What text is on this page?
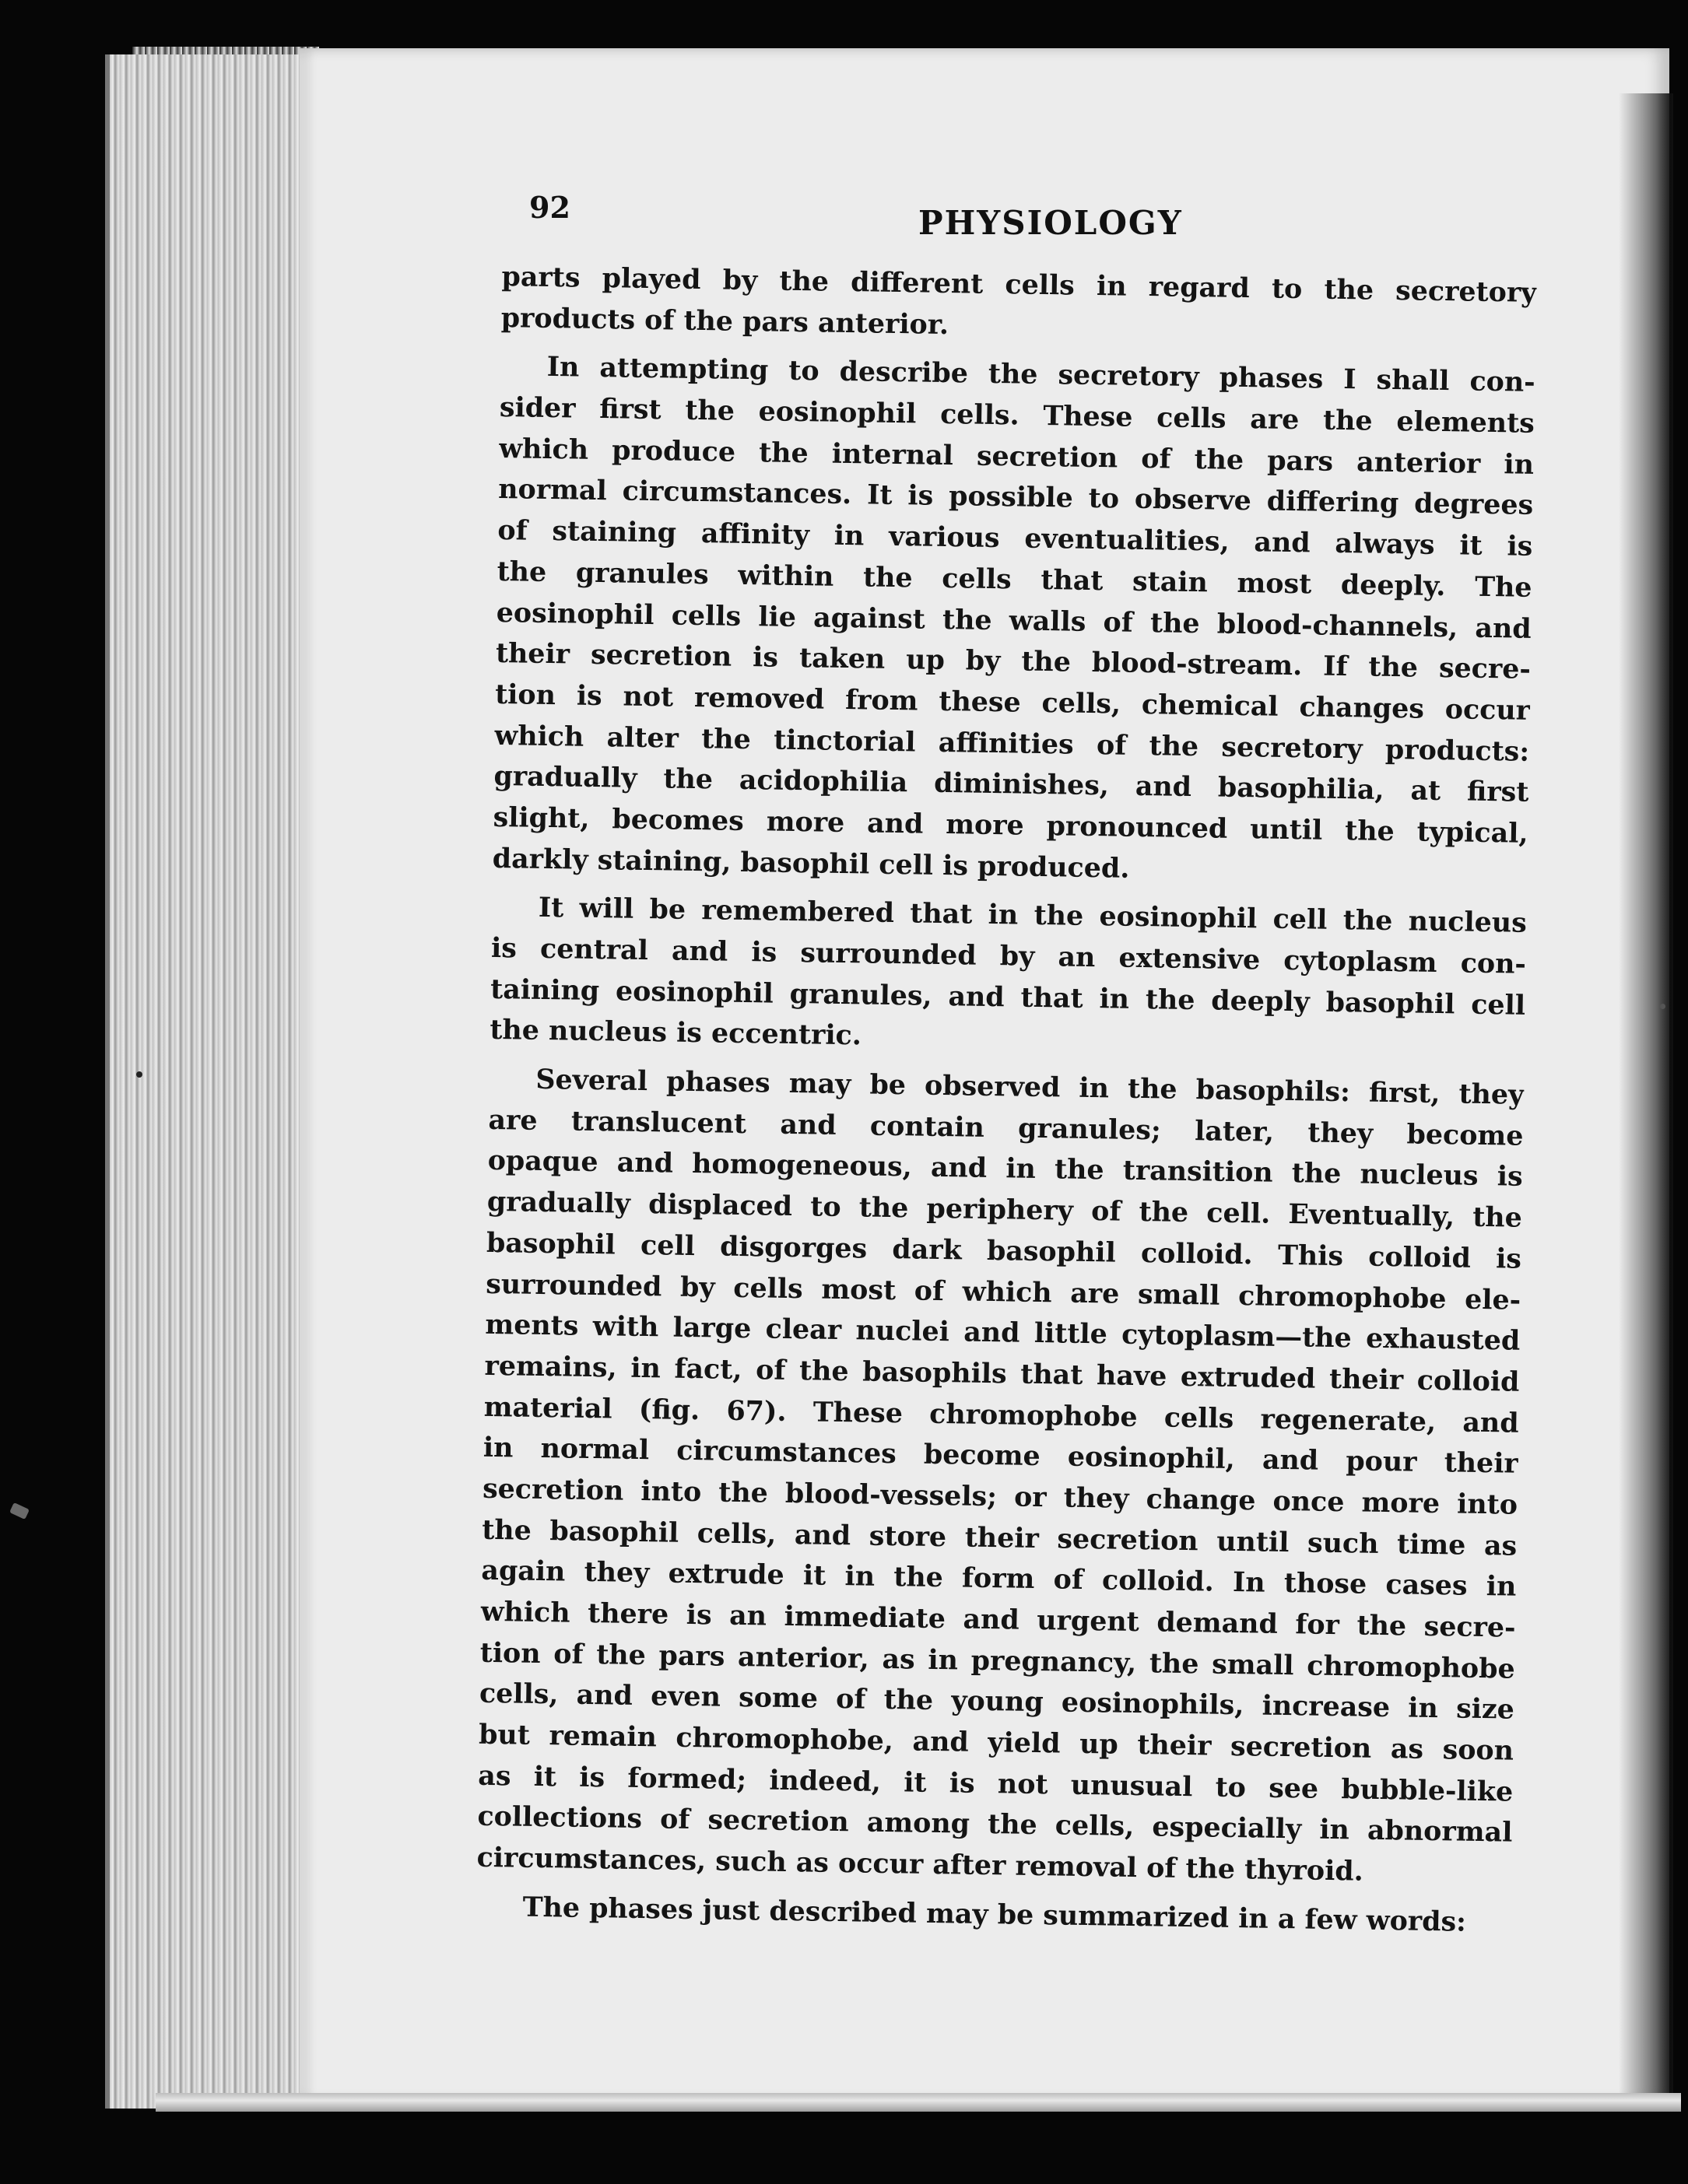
92	PHYSIOLOGY
parts played by the different cells in regard to the secretory
products of the pars anterior.
In attempting to describe the secretory phases I shall con-
sider first the eosinophil cells. These cells are the elements
which produce the internal secretion of the pars anterior in
normal circumstances. It is possible to observe differing degrees
of staining affinity in various eventualities, and always it is
the granules within the cells that stain most deeply. The
eosinophil cells lie against the walls of the blood-channels, and
their secretion is taken up by the blood-stream. If the secre-
tion is not removed from these cells, chemical changes occur
which alter the tinctorial affinities of the secretory products:
gradually the acidophilia diminishes, and basophilia, at first
slight, becomes more and more pronounced until the typical,
darkly staining, basophil cell is produced.
It will be remembered that in the eosinophil cell the nucleus
is central and is surrounded by an extensive cytoplasm con-
taining eosinophil granules, and that in the deeply basophil cell
the nucleus is eccentric.
Several phases may be observed in the basophils: first, they
are translucent and contain granules; later, they become
opaque and homogeneous, and in the transition the nucleus is
gradually displaced to the periphery of the cell. Eventually, the
basophil cell disgorges dark basophil colloid. This colloid is
surrounded by cells most of which are small chromophobe ele-
ments with large clear nuclei and little cytoplasm—the exhausted
remains, in fact, of the basophils that have extruded their colloid
material (fig. 67). These chromophobe cells regenerate, and
in normal circumstances become eosinophil, and pour their
secretion into the blood-vessels; or they change once more into
the basophil cells, and store their secretion until such time as
again they extrude it in the form of colloid. In those cases in
which there is an immediate and urgent demand for the secre-
tion of the pars anterior, as in pregnancy, the small chromophobe
cells, and even some of the young eosinophils, increase in size
but remain chromophobe, and yield up their secretion as soon
as it is formed; indeed, it is not unusual to see bubble-like
collections of secretion among the cells, especially in abnormal
circumstances, such as occur after removal of the thyroid.
The phases just described may be summarized in a few words:
